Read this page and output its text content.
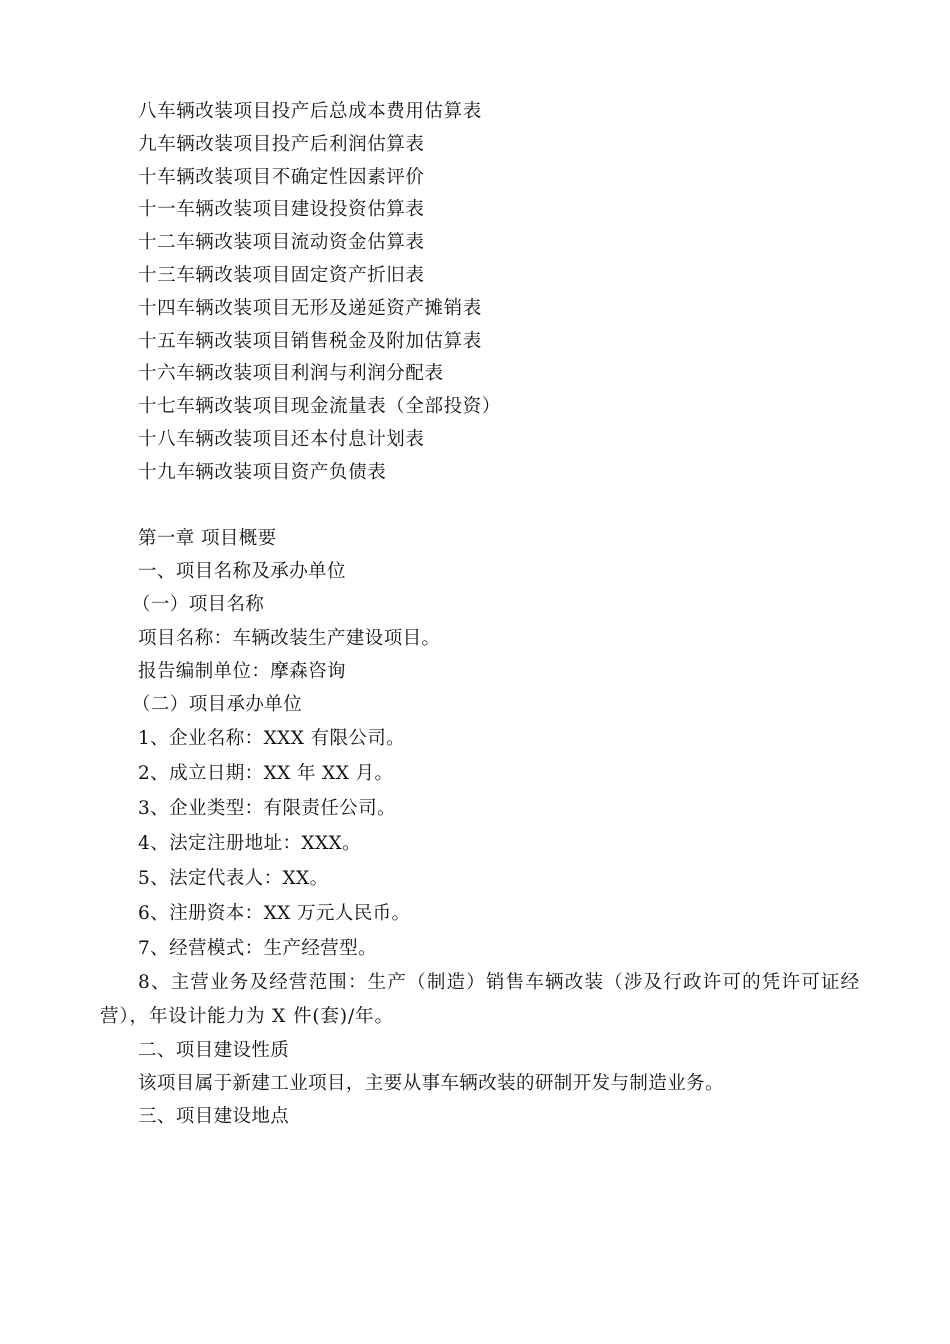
八车辆改装项目投产后总成本费用估算表
九车辆改装项目投产后利润估算表
十车辆改装项目不确定性因素评价
十一车辆改装项目建设投资估算表
十二车辆改装项目流动资金估算表
十三车辆改装项目固定资产折旧表
十四车辆改装项目无形及递延资产摊销表
十五车辆改装项目销售税金及附加估算表
十六车辆改装项目利润与利润分配表
十七车辆改装项目现金流量表（全部投资）
十八车辆改装项目还本付息计划表
十九车辆改装项目资产负债表
第一章 项目概要
一、项目名称及承办单位
（一）项目名称
项目名称：车辆改装生产建设项目。
报告编制单位：摩森咨询
（二）项目承办单位
1、企业名称：XXX 有限公司。
2、成立日期：XX 年 XX 月。
3、企业类型：有限责任公司。
4、法定注册地址：XXX。
5、法定代表人：XX。
6、注册资本：XX 万元人民币。
7、经营模式：生产经营型。
8、主营业务及经营范围：生产（制造）销售车辆改装（涉及行政许可的凭许可证经营），年设计能力为 X 件(套)/年。
二、项目建设性质
该项目属于新建工业项目，主要从事车辆改装的研制开发与制造业务。
三、项目建设地点
